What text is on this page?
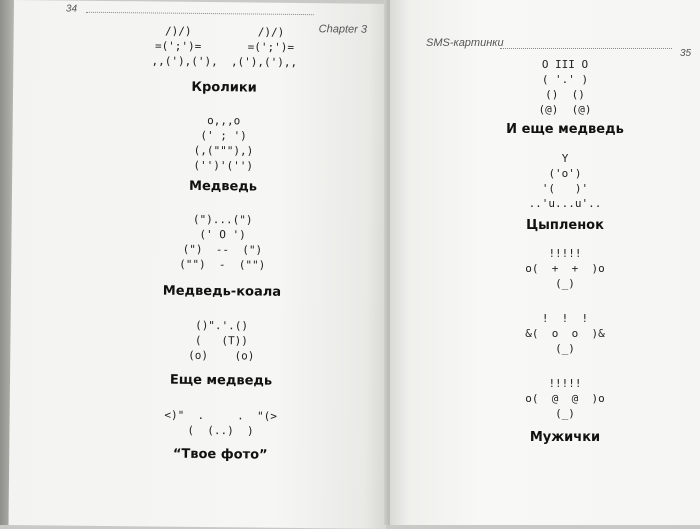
34
Chapter 3
/)/)          /)/)
=(';')=       =(';')=
,,('),('),  ,('),('),,
Кролики
o,,,o
(' ; ')
(,("""),)
('')'('')
Медведь
(")...(")
(' O ')
(")  --  (")
("")  -  ("")
Медведь-коала
()".'.()
(   (T))
(o)    (o)
Еще медведь
<)"  .     .  "(>
(  (..)  )
“Твое фото”
SMS-картинки
35
O III O
( '.' )
()  ()
(@)  (@)
И еще медведь
Y
('o')
'(   )'
..'u...u'..
Цыпленок
!!!!!
o(  +  +  )o
(_)
!  !  !
&(  o  o  )&
(_)
!!!!!
o(  @  @  )o
(_)
Мужички
